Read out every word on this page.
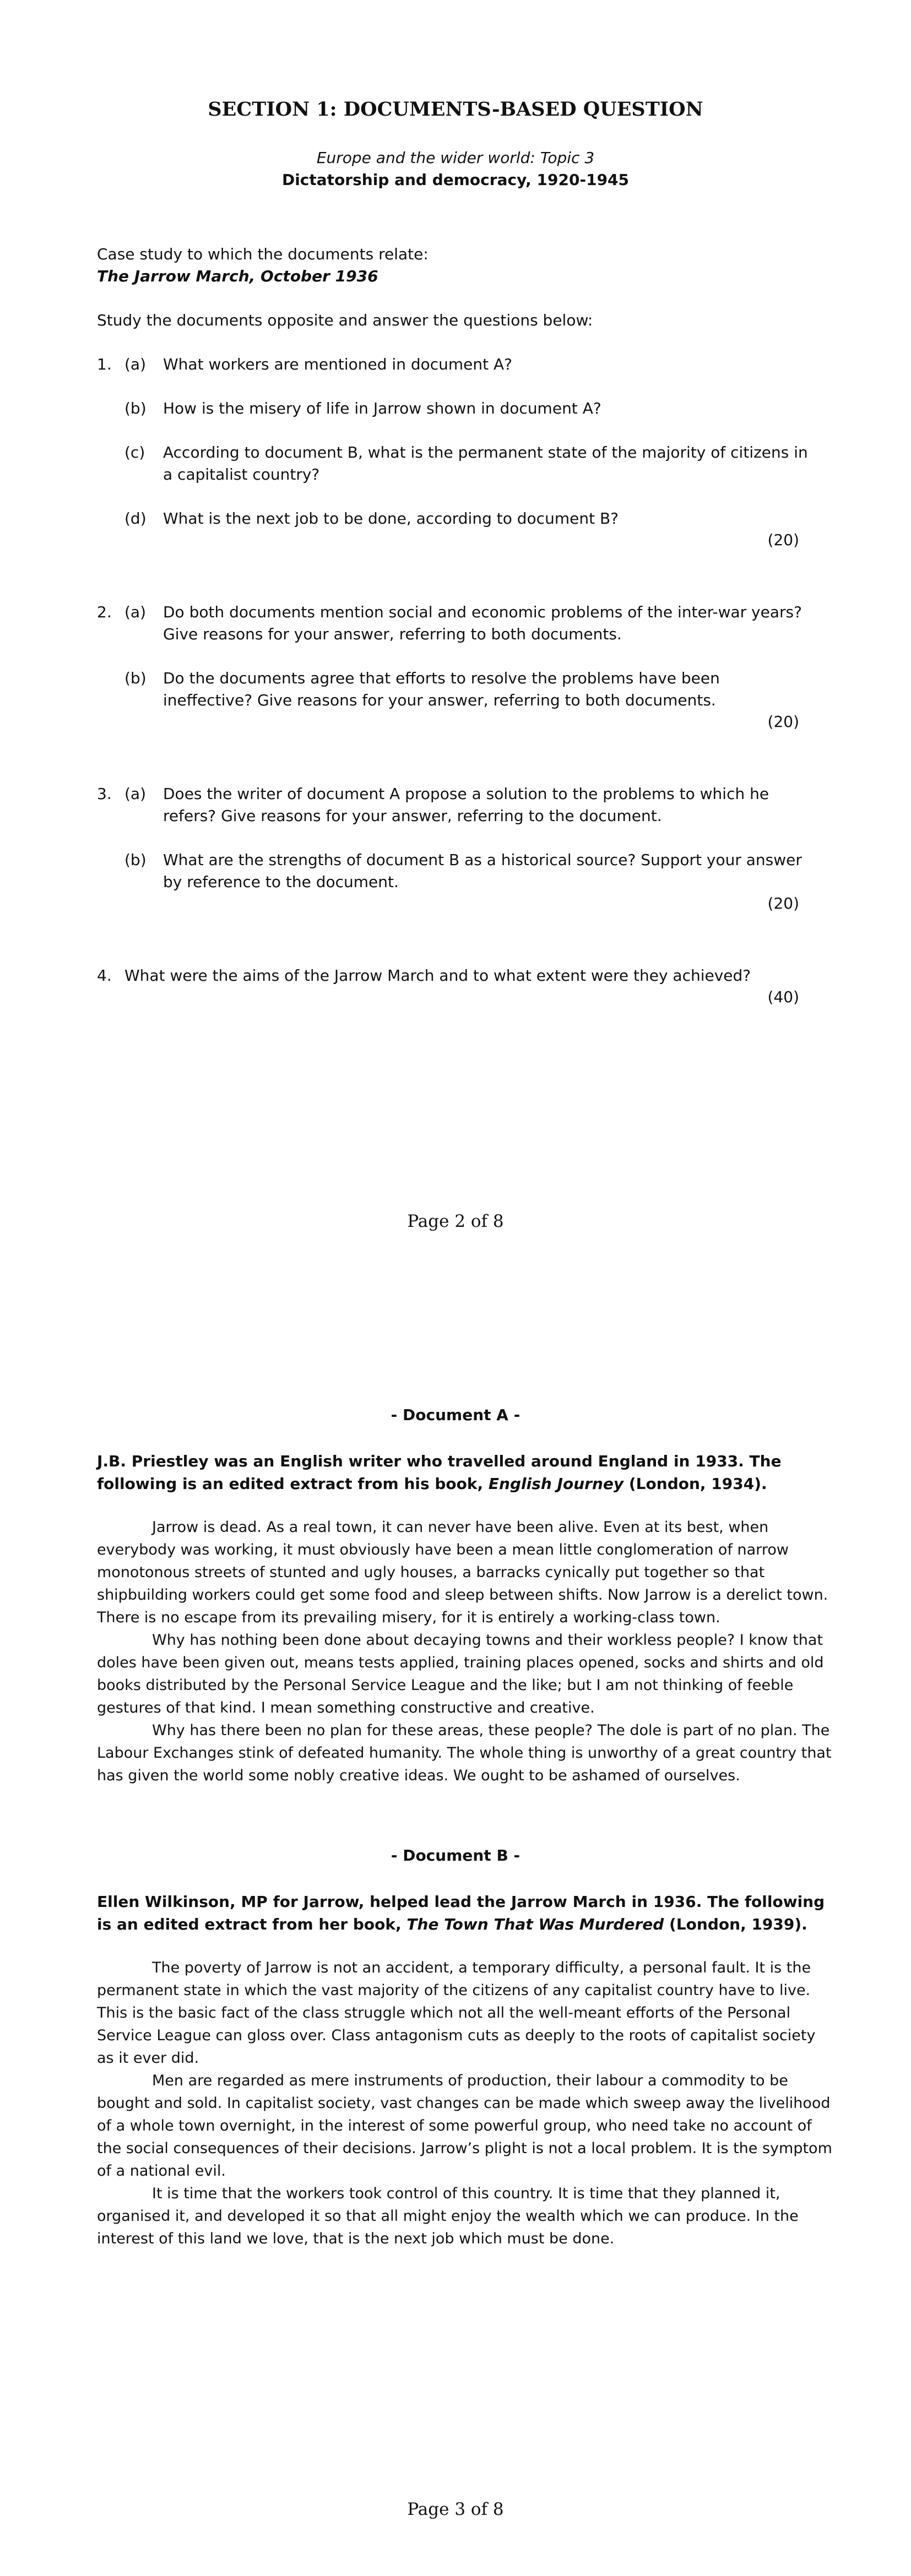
SECTION 1: DOCUMENTS-BASED QUESTION
Europe and the wider world: Topic 3
Dictatorship and democracy, 1920-1945
Case study to which the documents relate:
The Jarrow March, October 1936
Study the documents opposite and answer the questions below:
1. (a) What workers are mentioned in document A?
(b) How is the misery of life in Jarrow shown in document A?
(c) According to document B, what is the permanent state of the majority of citizens in a capitalist country?
(d) What is the next job to be done, according to document B?
(20)
2. (a) Do both documents mention social and economic problems of the inter-war years? Give reasons for your answer, referring to both documents.
(b) Do the documents agree that efforts to resolve the problems have been ineffective? Give reasons for your answer, referring to both documents.
(20)
3. (a) Does the writer of document A propose a solution to the problems to which he refers? Give reasons for your answer, referring to the document.
(b) What are the strengths of document B as a historical source? Support your answer by reference to the document.
(20)
4. What were the aims of the Jarrow March and to what extent were they achieved?
(40)
Page 2 of 8
- Document A -
J.B. Priestley was an English writer who travelled around England in 1933. The following is an edited extract from his book, English Journey (London, 1934).

Jarrow is dead. As a real town, it can never have been alive. Even at its best, when everybody was working, it must obviously have been a mean little conglomeration of narrow monotonous streets of stunted and ugly houses, a barracks cynically put together so that shipbuilding workers could get some food and sleep between shifts. Now Jarrow is a derelict town. There is no escape from its prevailing misery, for it is entirely a working-class town.

Why has nothing been done about decaying towns and their workless people? I know that doles have been given out, means tests applied, training places opened, socks and shirts and old books distributed by the Personal Service League and the like; but I am not thinking of feeble gestures of that kind. I mean something constructive and creative.

Why has there been no plan for these areas, these people? The dole is part of no plan. The Labour Exchanges stink of defeated humanity. The whole thing is unworthy of a great country that has given the world some nobly creative ideas. We ought to be ashamed of ourselves.

- Document B -
Ellen Wilkinson, MP for Jarrow, helped lead the Jarrow March in 1936. The following is an edited extract from her book, The Town That Was Murdered (London, 1939).

The poverty of Jarrow is not an accident, a temporary difficulty, a personal fault. It is the permanent state in which the vast majority of the citizens of any capitalist country have to live. This is the basic fact of the class struggle which not all the well-meant efforts of the Personal Service League can gloss over. Class antagonism cuts as deeply to the roots of capitalist society as it ever did.

Men are regarded as mere instruments of production, their labour a commodity to be bought and sold. In capitalist society, vast changes can be made which sweep away the livelihood of a whole town overnight, in the interest of some powerful group, who need take no account of the social consequences of their decisions. Jarrow’s plight is not a local problem. It is the symptom of a national evil.

It is time that the workers took control of this country. It is time that they planned it, organised it, and developed it so that all might enjoy the wealth which we can produce. In the interest of this land we love, that is the next job which must be done.

Page 3 of 8
